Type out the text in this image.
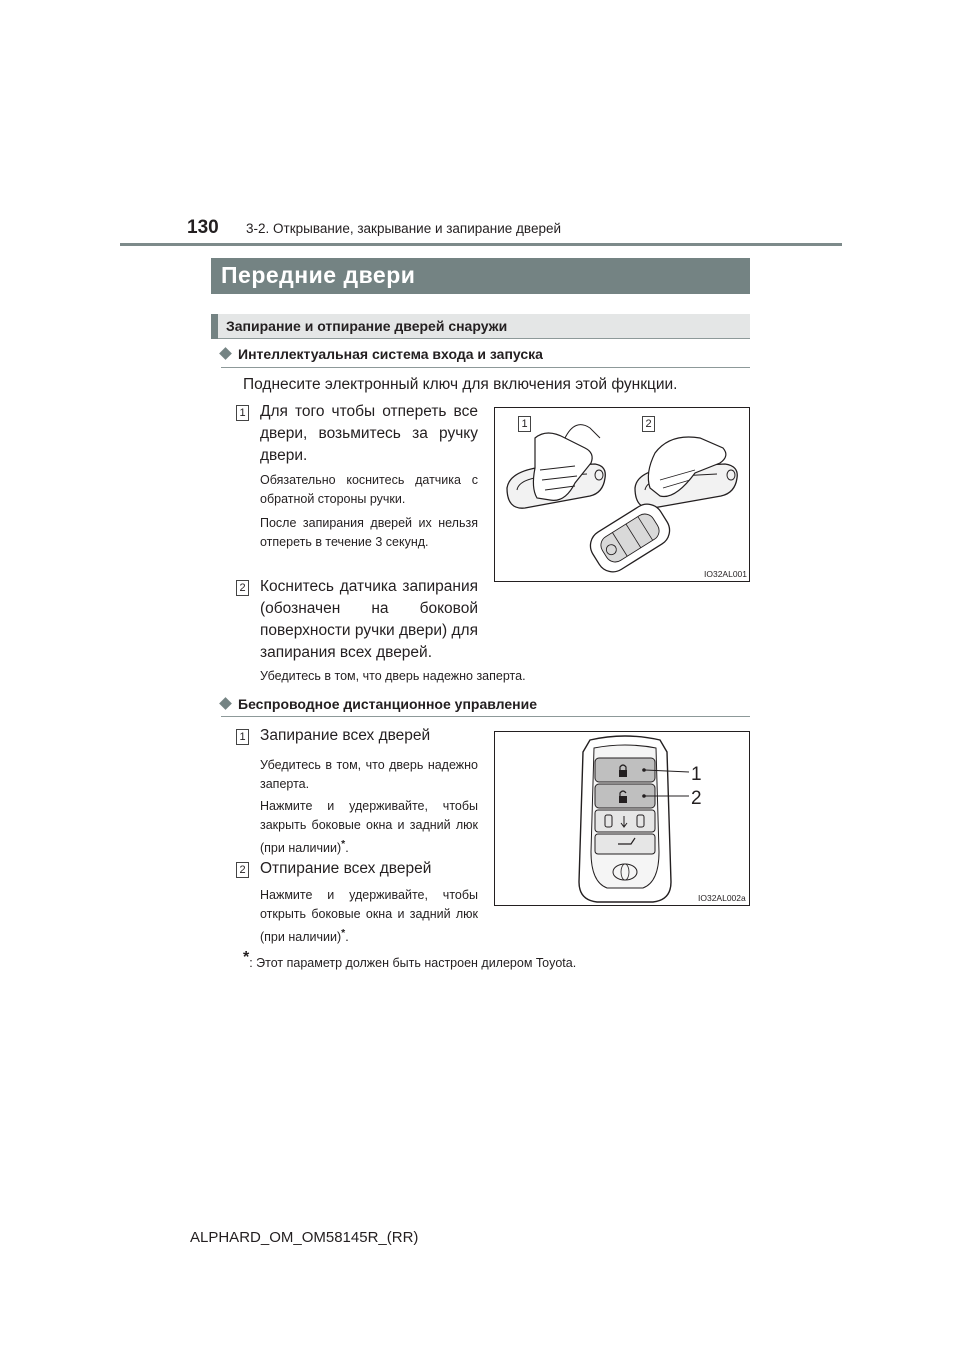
130 3-2. Открывание, закрывание и запирание дверей
Передние двери
Запирание и отпирание дверей снаружи
Интеллектуальная система входа и запуска
Поднесите электронный ключ для включения этой функции.
1 Для того чтобы отпереть все двери, возьмитесь за ручку двери.
Обязательно коснитесь датчика с обратной стороны ручки.
После запирания дверей их нельзя отпереть в течение 3 секунд.
2 Коснитесь датчика запирания (обозначен на боковой поверхности ручки двери) для запирания всех дверей.
Убедитесь в том, что дверь надежно заперта.
1	2
IO32AL001
Беспроводное дистанционное управление
1 Запирание всех дверей
Убедитесь в том, что дверь надежно заперта.
Нажмите и удерживайте, чтобы закрыть боковые окна и задний люк (при наличии)*.
2 Отпирание всех дверей
Нажмите и удерживайте, чтобы открыть боковые окна и задний люк (при наличии)*.
1
2
IO32AL002a
*: Этот параметр должен быть настроен дилером Toyota.
ALPHARD_OM_OM58145R_(RR)
